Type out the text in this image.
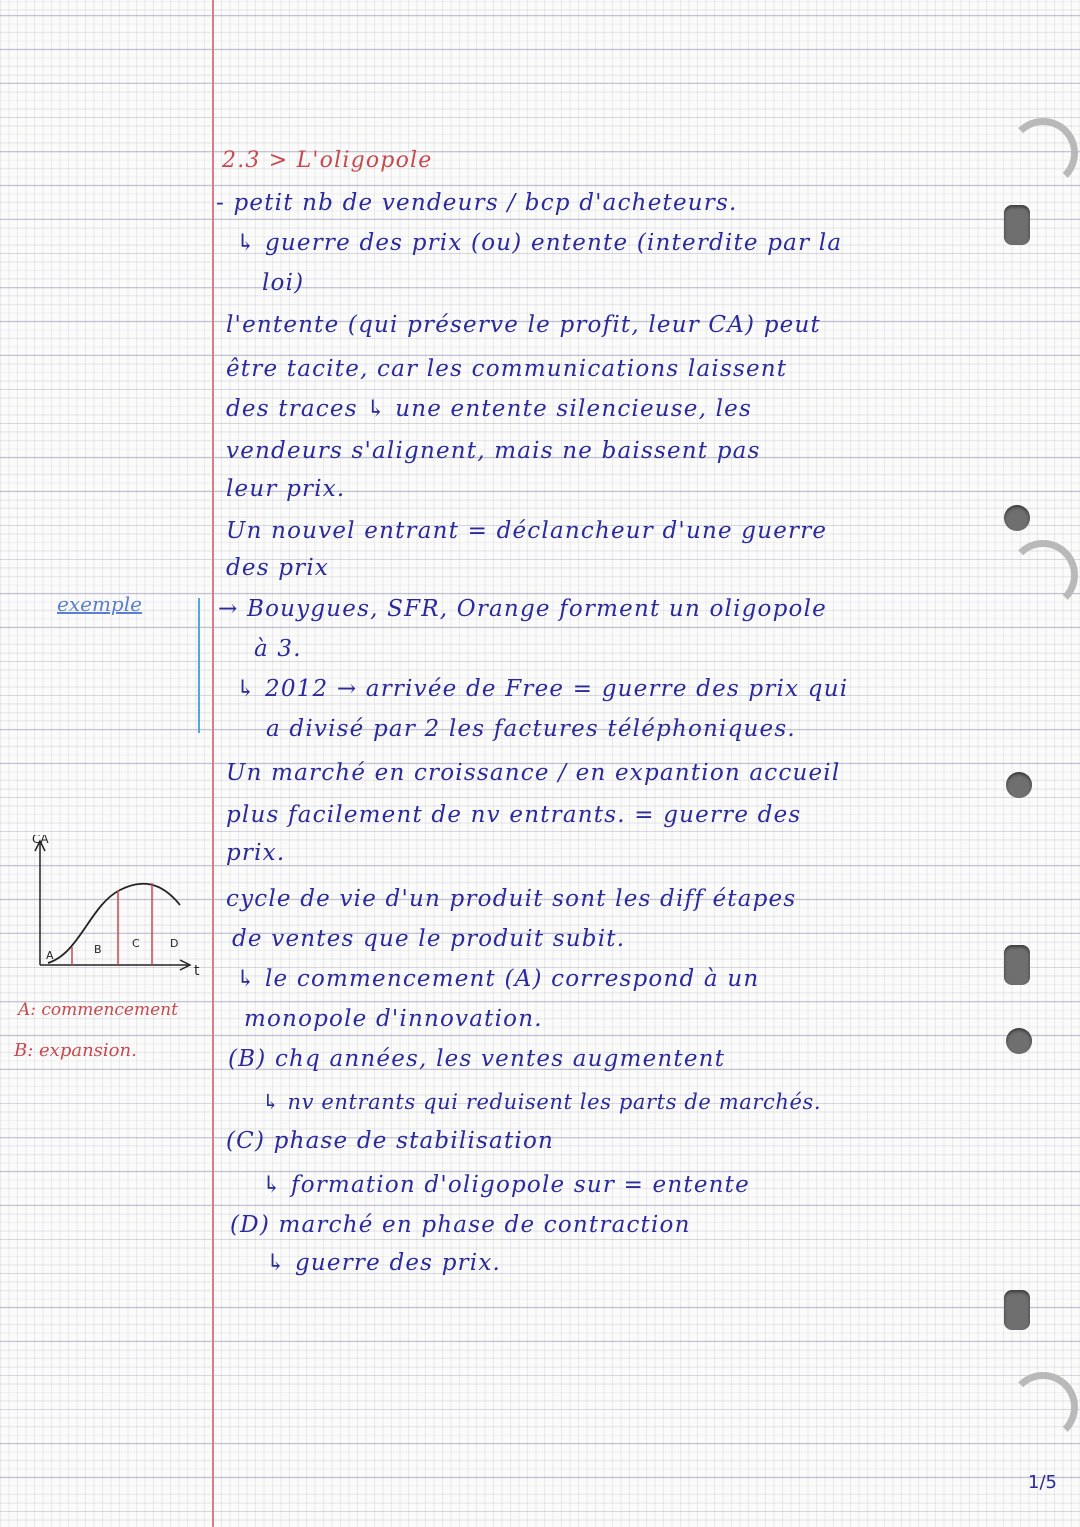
2.3 > L'oligopole
- petit nb de vendeurs / bcp d'acheteurs.
↳ guerre des prix (ou) entente (interdite par la
loi)
l'entente (qui préserve le profit, leur CA) peut
être tacite, car les communications laissent
des traces ↳ une entente silencieuse, les
vendeurs s'alignent, mais ne baissent pas
leur prix.
Un nouvel entrant = déclancheur d'une guerre
des prix
exemple	→ Bouygues, SFR, Orange forment un oligopole
à 3.
↳ 2012 → arrivée de Free = guerre des prix qui
a divisé par 2 les factures téléphoniques.
Un marché en croissance / en expantion accueil
plus facilement de nv entrants. = guerre des
prix.
cycle de vie d'un produit sont les diff étapes
de ventes que le produit subit.
↳ le commencement (A) correspond à un
monopole d'innovation.
(B) chq années, les ventes augmentent
↳ nv entrants qui reduisent les parts de marchés.
(C) phase de stabilisation
↳ formation d'oligopole sur = entente
(D) marché en phase de contraction
↳ guerre des prix.
A: commencement
B: expansion.
CA
t
A	B	C	D
1/5
